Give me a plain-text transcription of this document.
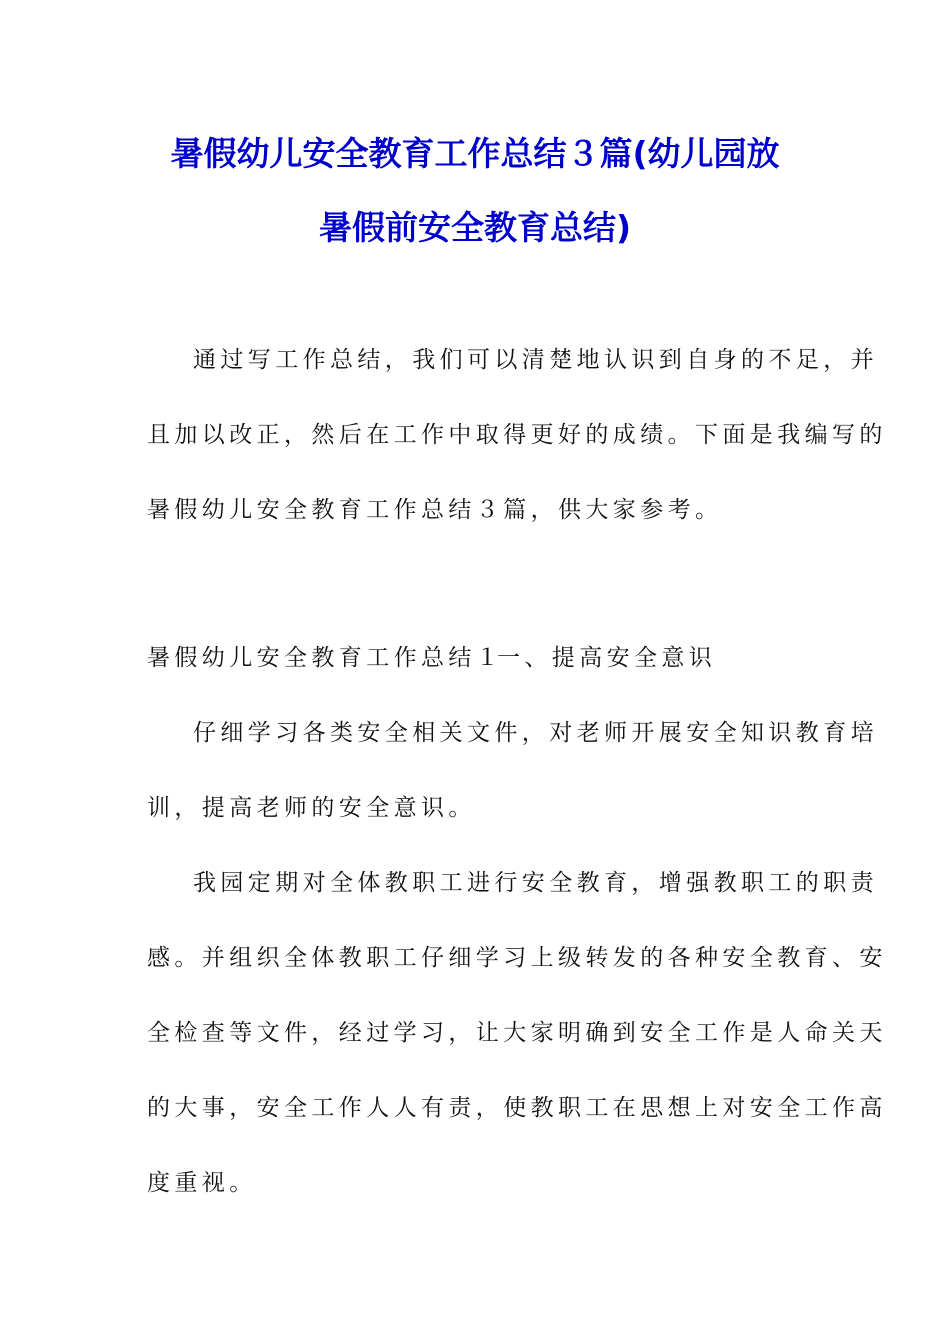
暑假幼儿安全教育工作总结３篇(幼儿园放
暑假前安全教育总结)
通过写工作总结，我们可以清楚地认识到自身的不足，并
且加以改正，然后在工作中取得更好的成绩。下面是我编写的
暑假幼儿安全教育工作总结３篇，供大家参考。
暑假幼儿安全教育工作总结１
一、提高安全意识
仔细学习各类安全相关文件，对老师开展安全知识教育培
训，提高老师的安全意识。
我园定期对全体教职工进行安全教育，增强教职工的职责
感。并组织全体教职工仔细学习上级转发的各种安全教育、安
全检查等文件，经过学习，让大家明确到安全工作是人命关天
的大事，安全工作人人有责，使教职工在思想上对安全工作高
度重视。
